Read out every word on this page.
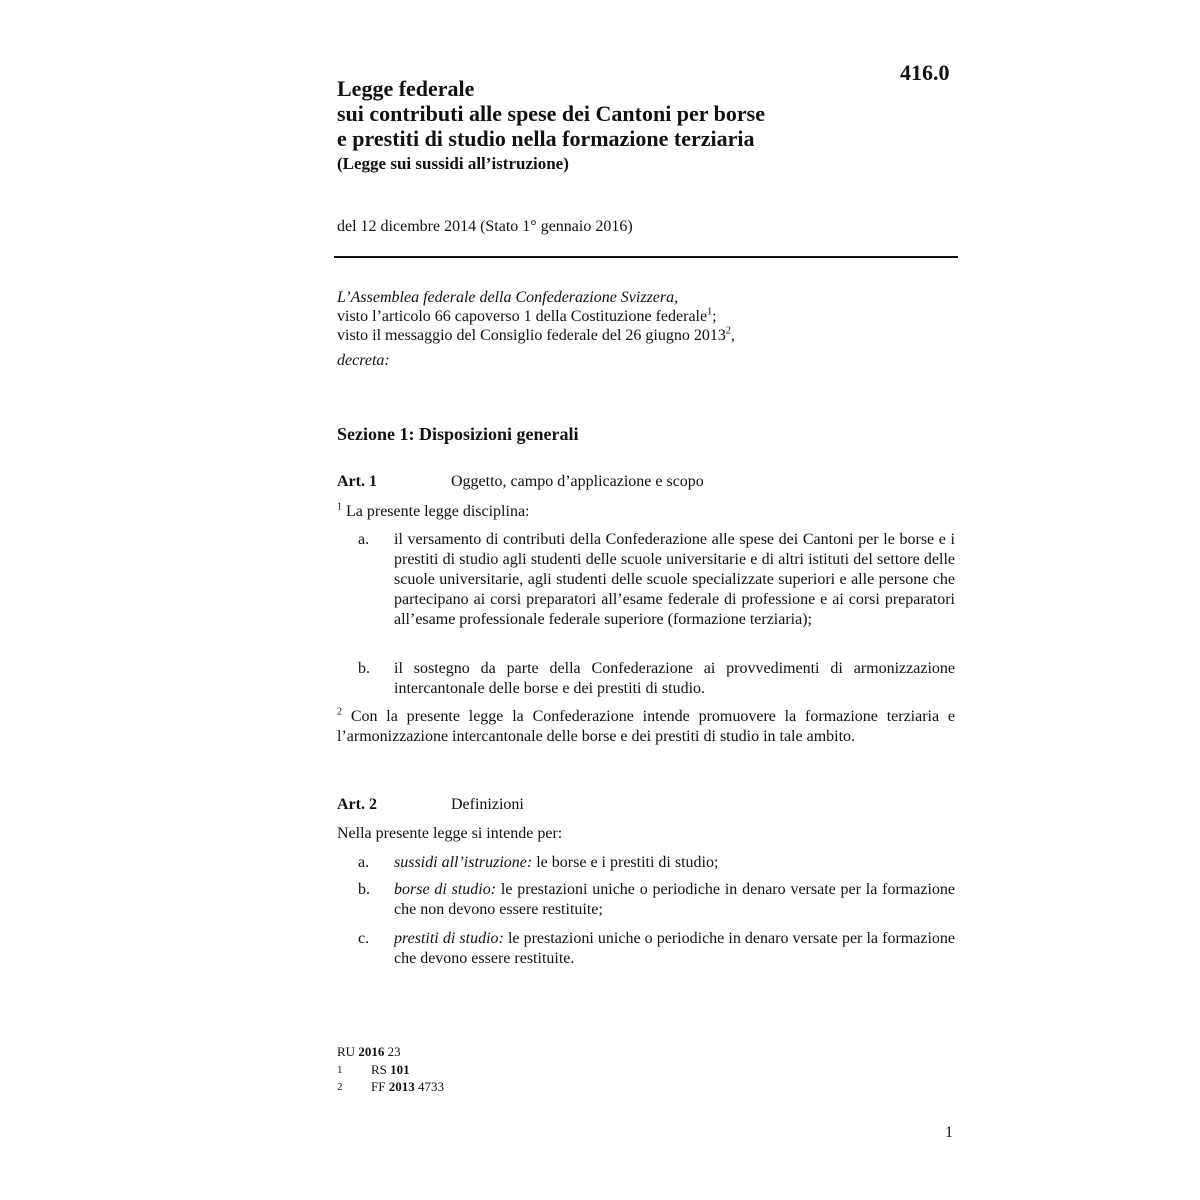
416.0
Legge federale
sui contributi alle spese dei Cantoni per borse
e prestiti di studio nella formazione terziaria
(Legge sui sussidi all’istruzione)
del 12 dicembre 2014 (Stato 1° gennaio 2016)
L’Assemblea federale della Confederazione Svizzera,
visto l’articolo 66 capoverso 1 della Costituzione federale$^1$;
visto il messaggio del Consiglio federale del 26 giugno 2013$^2$,
decreta:
Sezione 1: Disposizioni generali
Art. 1	Oggetto, campo d’applicazione e scopo
$^1$ La presente legge disciplina:
a. il versamento di contributi della Confederazione alle spese dei Cantoni per le borse e i prestiti di studio agli studenti delle scuole universitarie e di altri istituti del settore delle scuole universitarie, agli studenti delle scuole specializzate superiori e alle persone che partecipano ai corsi preparatori all’esame federale di professione e ai corsi preparatori all’esame professionale federale superiore (formazione terziaria);
b. il sostegno da parte della Confederazione ai provvedimenti di armonizzazione intercantonale delle borse e dei prestiti di studio.
$^2$ Con la presente legge la Confederazione intende promuovere la formazione terziaria e l’armonizzazione intercantonale delle borse e dei prestiti di studio in tale ambito.
Art. 2	Definizioni
Nella presente legge si intende per:
a. sussidi all’istruzione: le borse e i prestiti di studio;
b. borse di studio: le prestazioni uniche o periodiche in denaro versate per la formazione che non devono essere restituite;
c. prestiti di studio: le prestazioni uniche o periodiche in denaro versate per la formazione che devono essere restituite.
RU 2016 23
1 RS 101
2 FF 2013 4733
1
